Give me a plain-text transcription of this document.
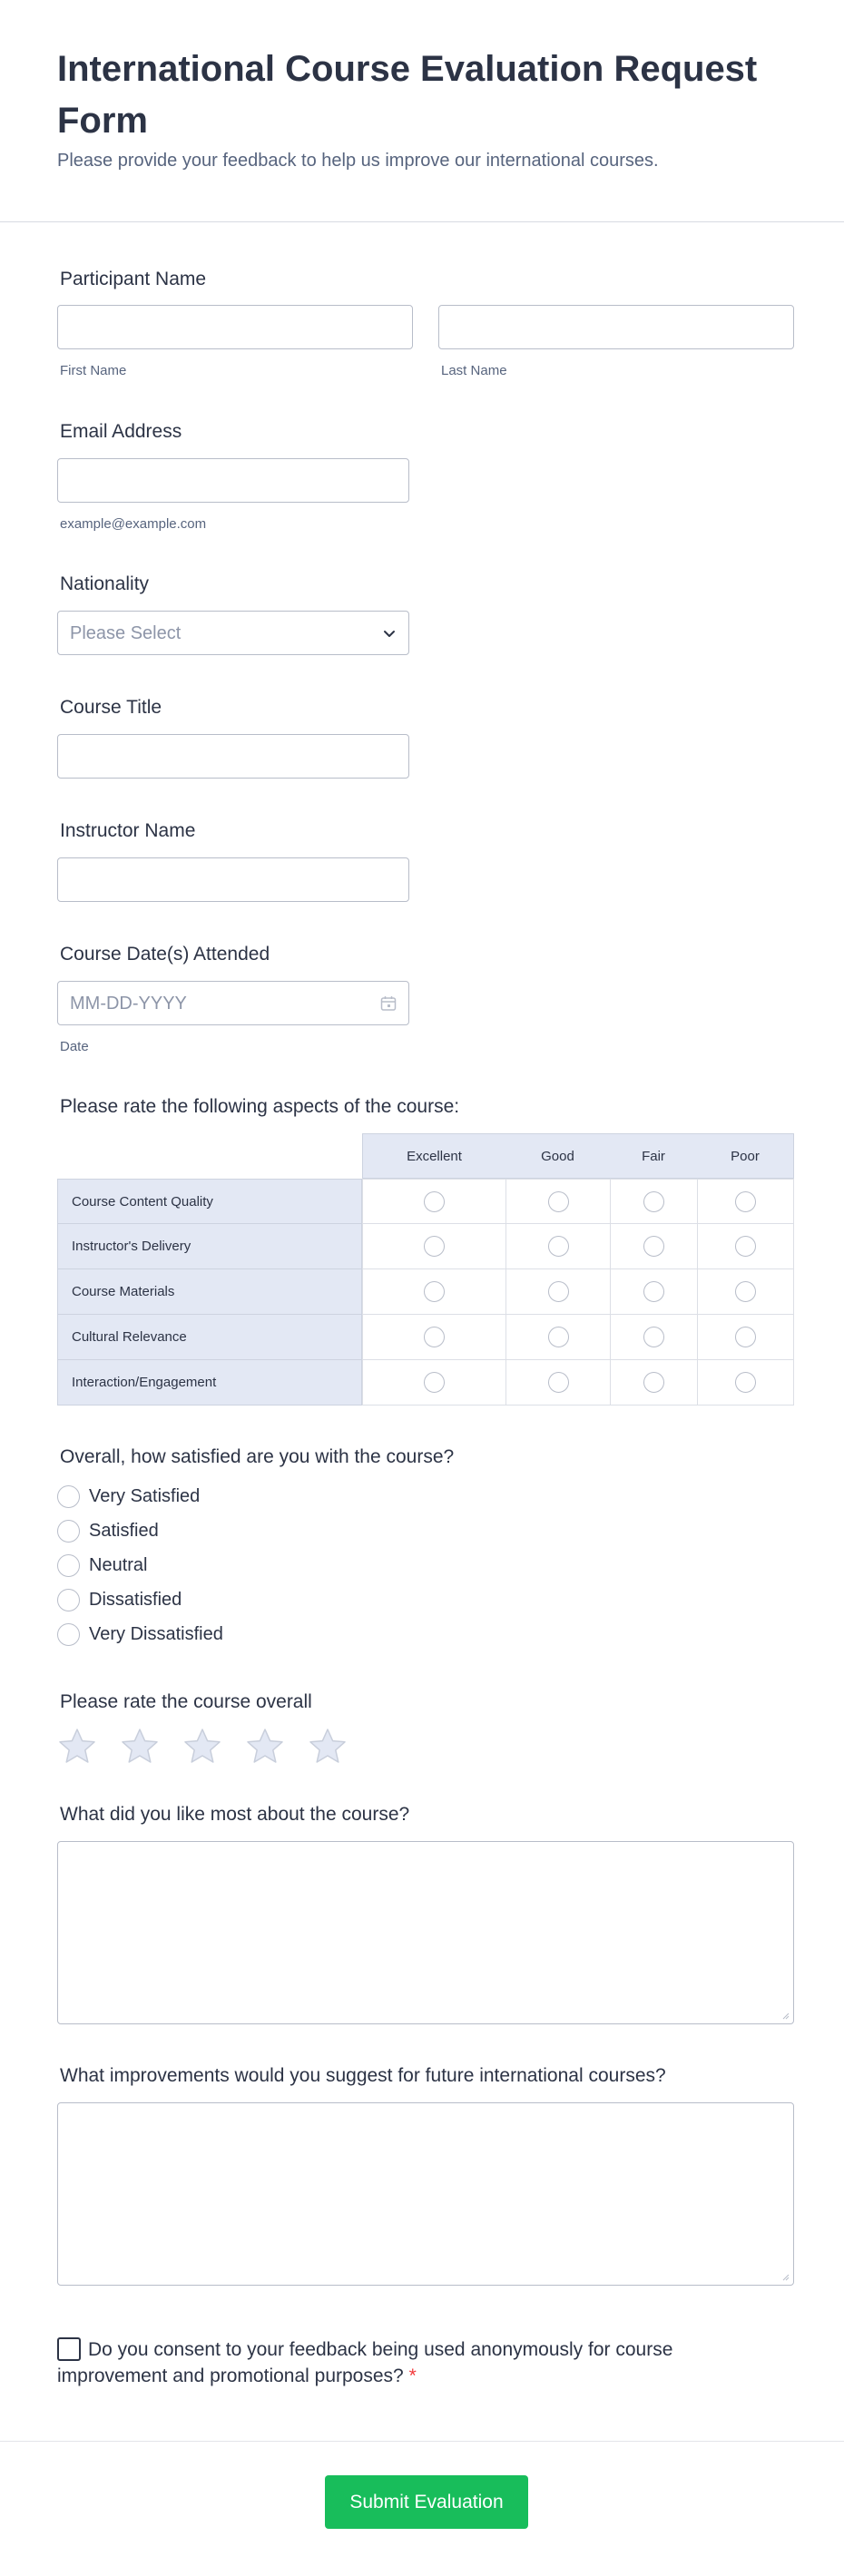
International Course Evaluation Request Form
Please provide your feedback to help us improve our international courses.
Participant Name
First Name	Last Name
Email Address
example@example.com
Nationality
Please Select
Course Title
Instructor Name
Course Date(s) Attended
MM-DD-YYYY
Date
Please rate the following aspects of the course:
Excellent	Good	Fair	Poor
Course Content Quality
Instructor's Delivery
Course Materials
Cultural Relevance
Interaction/Engagement
Overall, how satisfied are you with the course?
Very Satisfied
Satisfied
Neutral
Dissatisfied
Very Dissatisfied
Please rate the course overall
What did you like most about the course?
What improvements would you suggest for future international courses?
Do you consent to your feedback being used anonymously for course improvement and promotional purposes? *
Submit Evaluation
